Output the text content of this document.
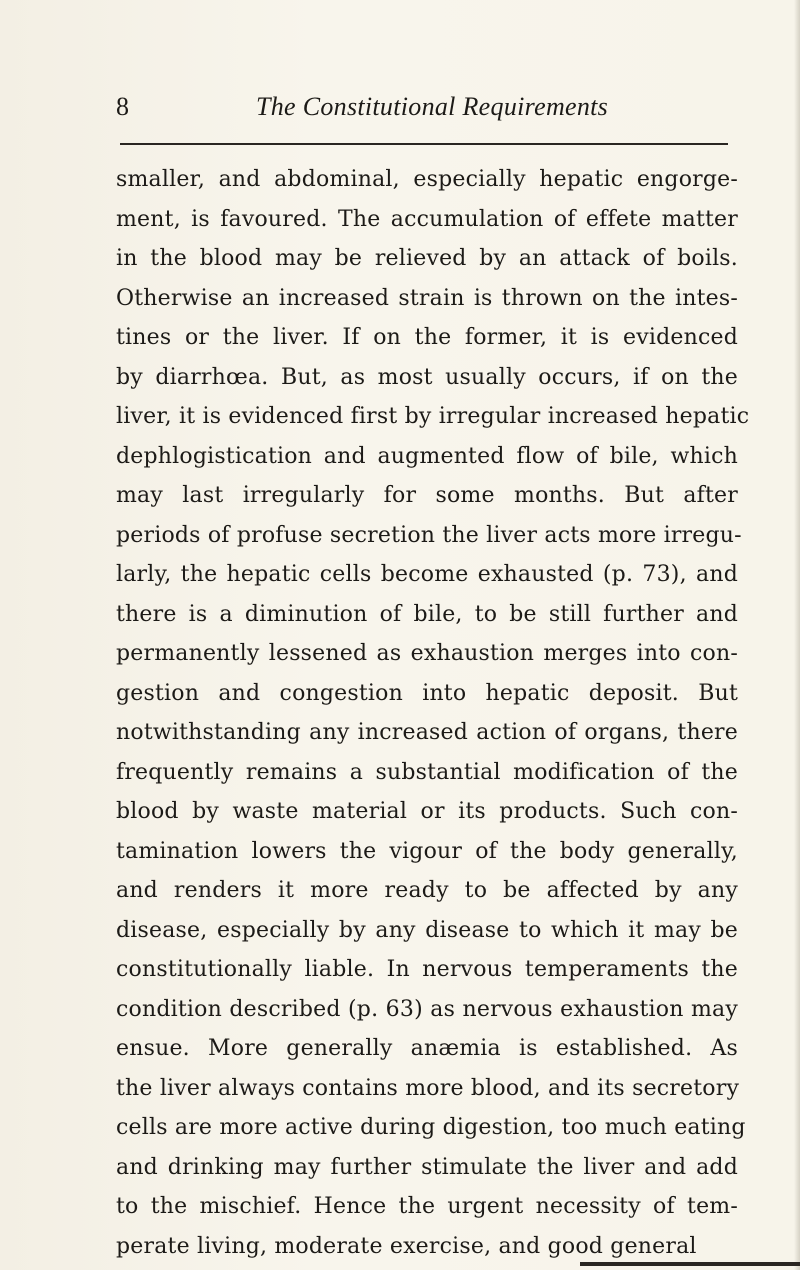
8	The Constitutional Requirements
smaller, and abdominal, especially hepatic engorge-
ment, is favoured. The accumulation of effete matter
in the blood may be relieved by an attack of boils.
Otherwise an increased strain is thrown on the intes-
tines or the liver. If on the former, it is evidenced
by diarrhœa. But, as most usually occurs, if on the
liver, it is evidenced first by irregular increased hepatic
dephlogistication and augmented flow of bile, which
may last irregularly for some months. But after
periods of profuse secretion the liver acts more irregu-
larly, the hepatic cells become exhausted (p. 73), and
there is a diminution of bile, to be still further and
permanently lessened as exhaustion merges into con-
gestion and congestion into hepatic deposit. But
notwithstanding any increased action of organs, there
frequently remains a substantial modification of the
blood by waste material or its products. Such con-
tamination lowers the vigour of the body generally,
and renders it more ready to be affected by any
disease, especially by any disease to which it may be
constitutionally liable. In nervous temperaments the
condition described (p. 63) as nervous exhaustion may
ensue. More generally anæmia is established. As
the liver always contains more blood, and its secretory
cells are more active during digestion, too much eating
and drinking may further stimulate the liver and add
to the mischief. Hence the urgent necessity of tem-
perate living, moderate exercise, and good general
